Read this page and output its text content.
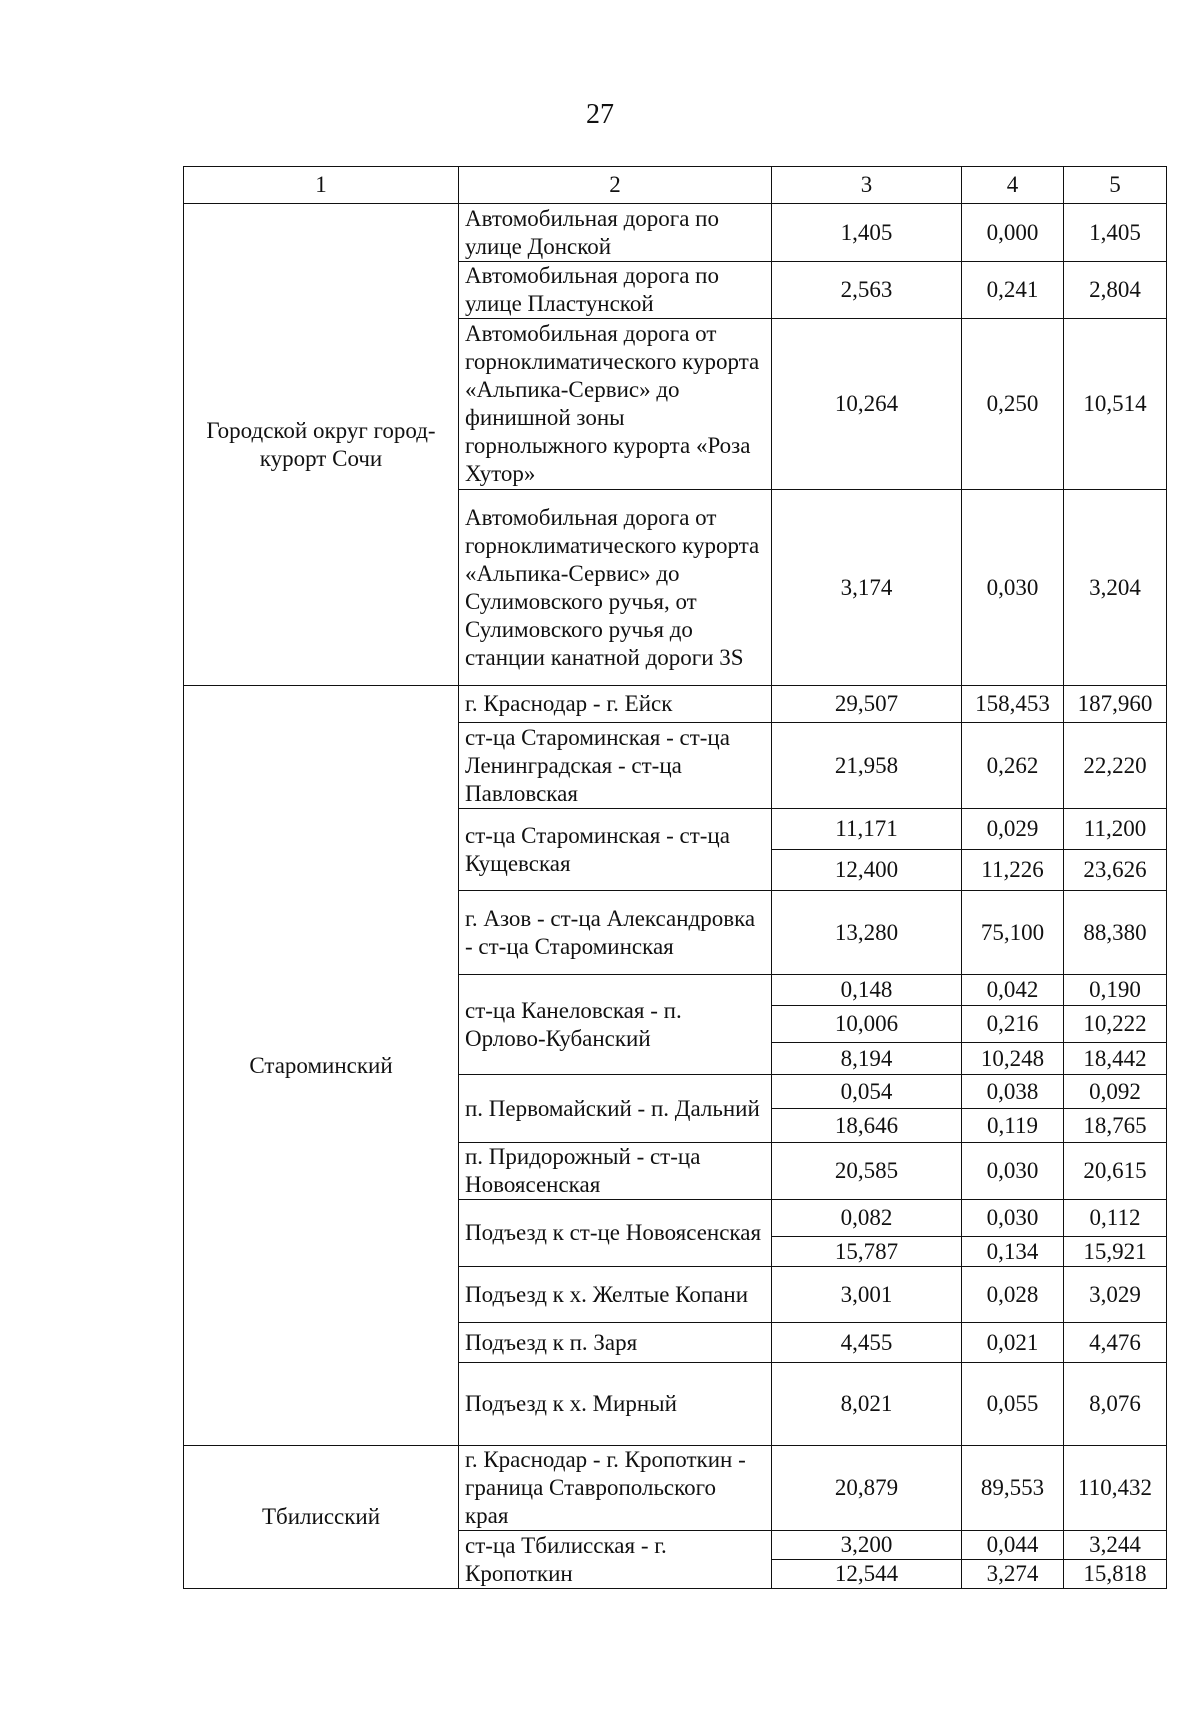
27
1	2	3	4	5
Городской округ город-курорт Сочи	Автомобильная дорога по улице Донской	1,405	0,000	1,405
	Автомобильная дорога по улице Пластунской	2,563	0,241	2,804
	Автомобильная дорога от горноклиматического курорта «Альпика-Сервис» до финишной зоны горнолыжного курорта «Роза Хутор»	10,264	0,250	10,514
	Автомобильная дорога от горноклиматического курорта «Альпика-Сервис» до Сулимовского ручья, от Сулимовского ручья до станции канатной дороги 3S	3,174	0,030	3,204
Староминский	г. Краснодар - г. Ейск	29,507	158,453	187,960
	ст-ца Староминская - ст-ца Ленинградская - ст-ца Павловская	21,958	0,262	22,220
	ст-ца Староминская - ст-ца Кущевская	11,171	0,029	11,200
		12,400	11,226	23,626
	г. Азов - ст-ца Александровка - ст-ца Староминская	13,280	75,100	88,380
	ст-ца Канеловская - п. Орлово-Кубанский	0,148	0,042	0,190
		10,006	0,216	10,222
		8,194	10,248	18,442
	п. Первомайский - п. Дальний	0,054	0,038	0,092
		18,646	0,119	18,765
	п. Придорожный - ст-ца Новоясенская	20,585	0,030	20,615
	Подъезд к ст-це Новоясенская	0,082	0,030	0,112
		15,787	0,134	15,921
	Подъезд к х. Желтые Копани	3,001	0,028	3,029
	Подъезд к п. Заря	4,455	0,021	4,476
	Подъезд к х. Мирный	8,021	0,055	8,076
Тбилисский	г. Краснодар - г. Кропоткин - граница Ставропольского края	20,879	89,553	110,432
	ст-ца Тбилисская - г. Кропоткин	3,200	0,044	3,244
		12,544	3,274	15,818
